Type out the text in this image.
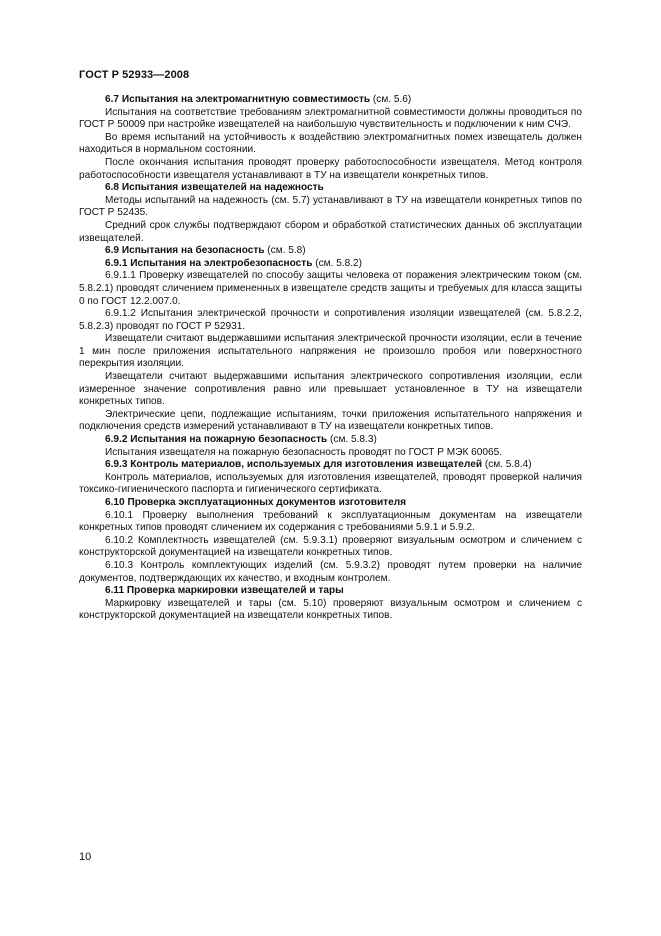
ГОСТ Р 52933—2008

6.7 Испытания на электромагнитную совместимость (см. 5.6)

Испытания на соответствие требованиям электромагнитной совместимости должны проводиться по ГОСТ Р 50009 при настройке извещателей на наибольшую чувствительность и подключении к ним СЧЭ.

Во время испытаний на устойчивость к воздействию электромагнитных помех извещатель должен находиться в нормальном состоянии.

После окончания испытания проводят проверку работоспособности извещателя. Метод контроля работоспособности извещателя устанавливают в ТУ на извещатели конкретных типов.

6.8 Испытания извещателей на надежность

Методы испытаний на надежность (см. 5.7) устанавливают в ТУ на извещатели конкретных типов по ГОСТ Р 52435.

Средний срок службы подтверждают сбором и обработкой статистических данных об эксплуатации извещателей.

6.9 Испытания на безопасность (см. 5.8)

6.9.1 Испытания на электробезопасность (см. 5.8.2)

6.9.1.1 Проверку извещателей по способу защиты человека от поражения электрическим током (см. 5.8.2.1) проводят сличением примененных в извещателе средств защиты и требуемых для класса защиты 0 по ГОСТ 12.2.007.0.

6.9.1.2 Испытания электрической прочности и сопротивления изоляции извещателей (см. 5.8.2.2, 5.8.2.3) проводят по ГОСТ Р 52931.

Извещатели считают выдержавшими испытания электрической прочности изоляции, если в течение 1 мин после приложения испытательного напряжения не произошло пробоя или поверхностного перекрытия изоляции.

Извещатели считают выдержавшими испытания электрического сопротивления изоляции, если измеренное значение сопротивления равно или превышает установленное в ТУ на извещатели конкретных типов.

Электрические цепи, подлежащие испытаниям, точки приложения испытательного напряжения и подключения средств измерений устанавливают в ТУ на извещатели конкретных типов.

6.9.2 Испытания на пожарную безопасность (см. 5.8.3)

Испытания извещателя на пожарную безопасность проводят по ГОСТ Р МЭК 60065.

6.9.3 Контроль материалов, используемых для изготовления извещателей (см. 5.8.4)

Контроль материалов, используемых для изготовления извещателей, проводят проверкой наличия токсико-гигиенического паспорта и гигиенического сертификата.

6.10 Проверка эксплуатационных документов изготовителя

6.10.1 Проверку выполнения требований к эксплуатационным документам на извещатели конкретных типов проводят сличением их содержания с требованиями 5.9.1 и 5.9.2.

6.10.2 Комплектность извещателей (см. 5.9.3.1) проверяют визуальным осмотром и сличением с конструкторской документацией на извещатели конкретных типов.

6.10.3 Контроль комплектующих изделий (см. 5.9.3.2) проводят путем проверки на наличие документов, подтверждающих их качество, и входным контролем.

6.11 Проверка маркировки извещателей и тары

Маркировку извещателей и тары (см. 5.10) проверяют визуальным осмотром и сличением с конструкторской документацией на извещатели конкретных типов.

10
